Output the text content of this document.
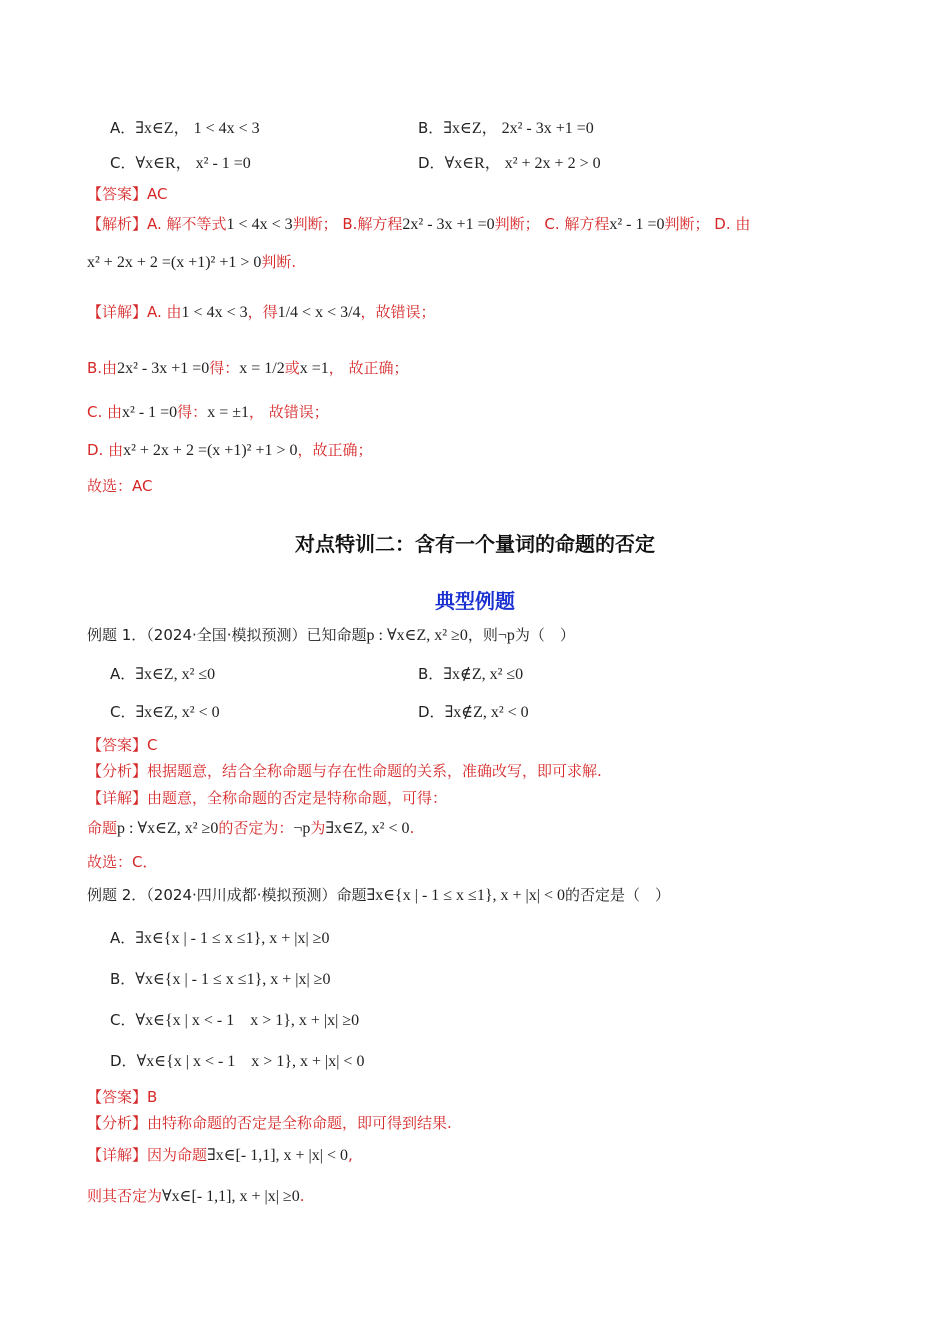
A．∃x∈Z， 1 < 4x < 3	B．∃x∈Z， 2x² - 3x +1 =0
C．∀x∈R， x² - 1 =0	D．∀x∈R， x² + 2x + 2 > 0
【答案】AC
【解析】A. 解不等式1 < 4x < 3判断； B.解方程2x² - 3x +1 =0判断； C. 解方程x² - 1 =0判断； D. 由
x² + 2x + 2 =(x +1)² +1 > 0判断.
【详解】A. 由1 < 4x < 3，得1/4 < x < 3/4，故错误；
B.由2x² - 3x +1 =0得：x = 1/2或x =1， 故正确；
C. 由x² - 1 =0得：x = ±1， 故错误；
D. 由x² + 2x + 2 =(x +1)² +1 > 0，故正确；
故选：AC
对点特训二：含有一个量词的命题的否定
典型例题
例题 1．（2024·全国·模拟预测）已知命题p : ∀x∈Z, x² ≥0，则¬p为（　）
A．∃x∈Z, x² ≤0	B．∃x∉Z, x² ≤0
C．∃x∈Z, x² < 0	D．∃x∉Z, x² < 0
【答案】C
【分析】根据题意，结合全称命题与存在性命题的关系，准确改写，即可求解.
【详解】由题意，全称命题的否定是特称命题，可得：
命题p : ∀x∈Z, x² ≥0的否定为：¬p为∃x∈Z, x² < 0.
故选：C．
例题 2．（2024·四川成都·模拟预测）命题∃x∈{x | - 1 ≤ x ≤1}, x + |x| < 0的否定是（　）
A．∃x∈{x | - 1 ≤ x ≤1}, x + |x| ≥0
B．∀x∈{x | - 1 ≤ x ≤1}, x + |x| ≥0
C．∀x∈{x | x < - 1　x > 1}, x + |x| ≥0
D．∀x∈{x | x < - 1　x > 1}, x + |x| < 0
【答案】B
【分析】由特称命题的否定是全称命题，即可得到结果.
【详解】因为命题∃x∈[- 1,1], x + |x| < 0,
则其否定为∀x∈[- 1,1], x + |x| ≥0.
